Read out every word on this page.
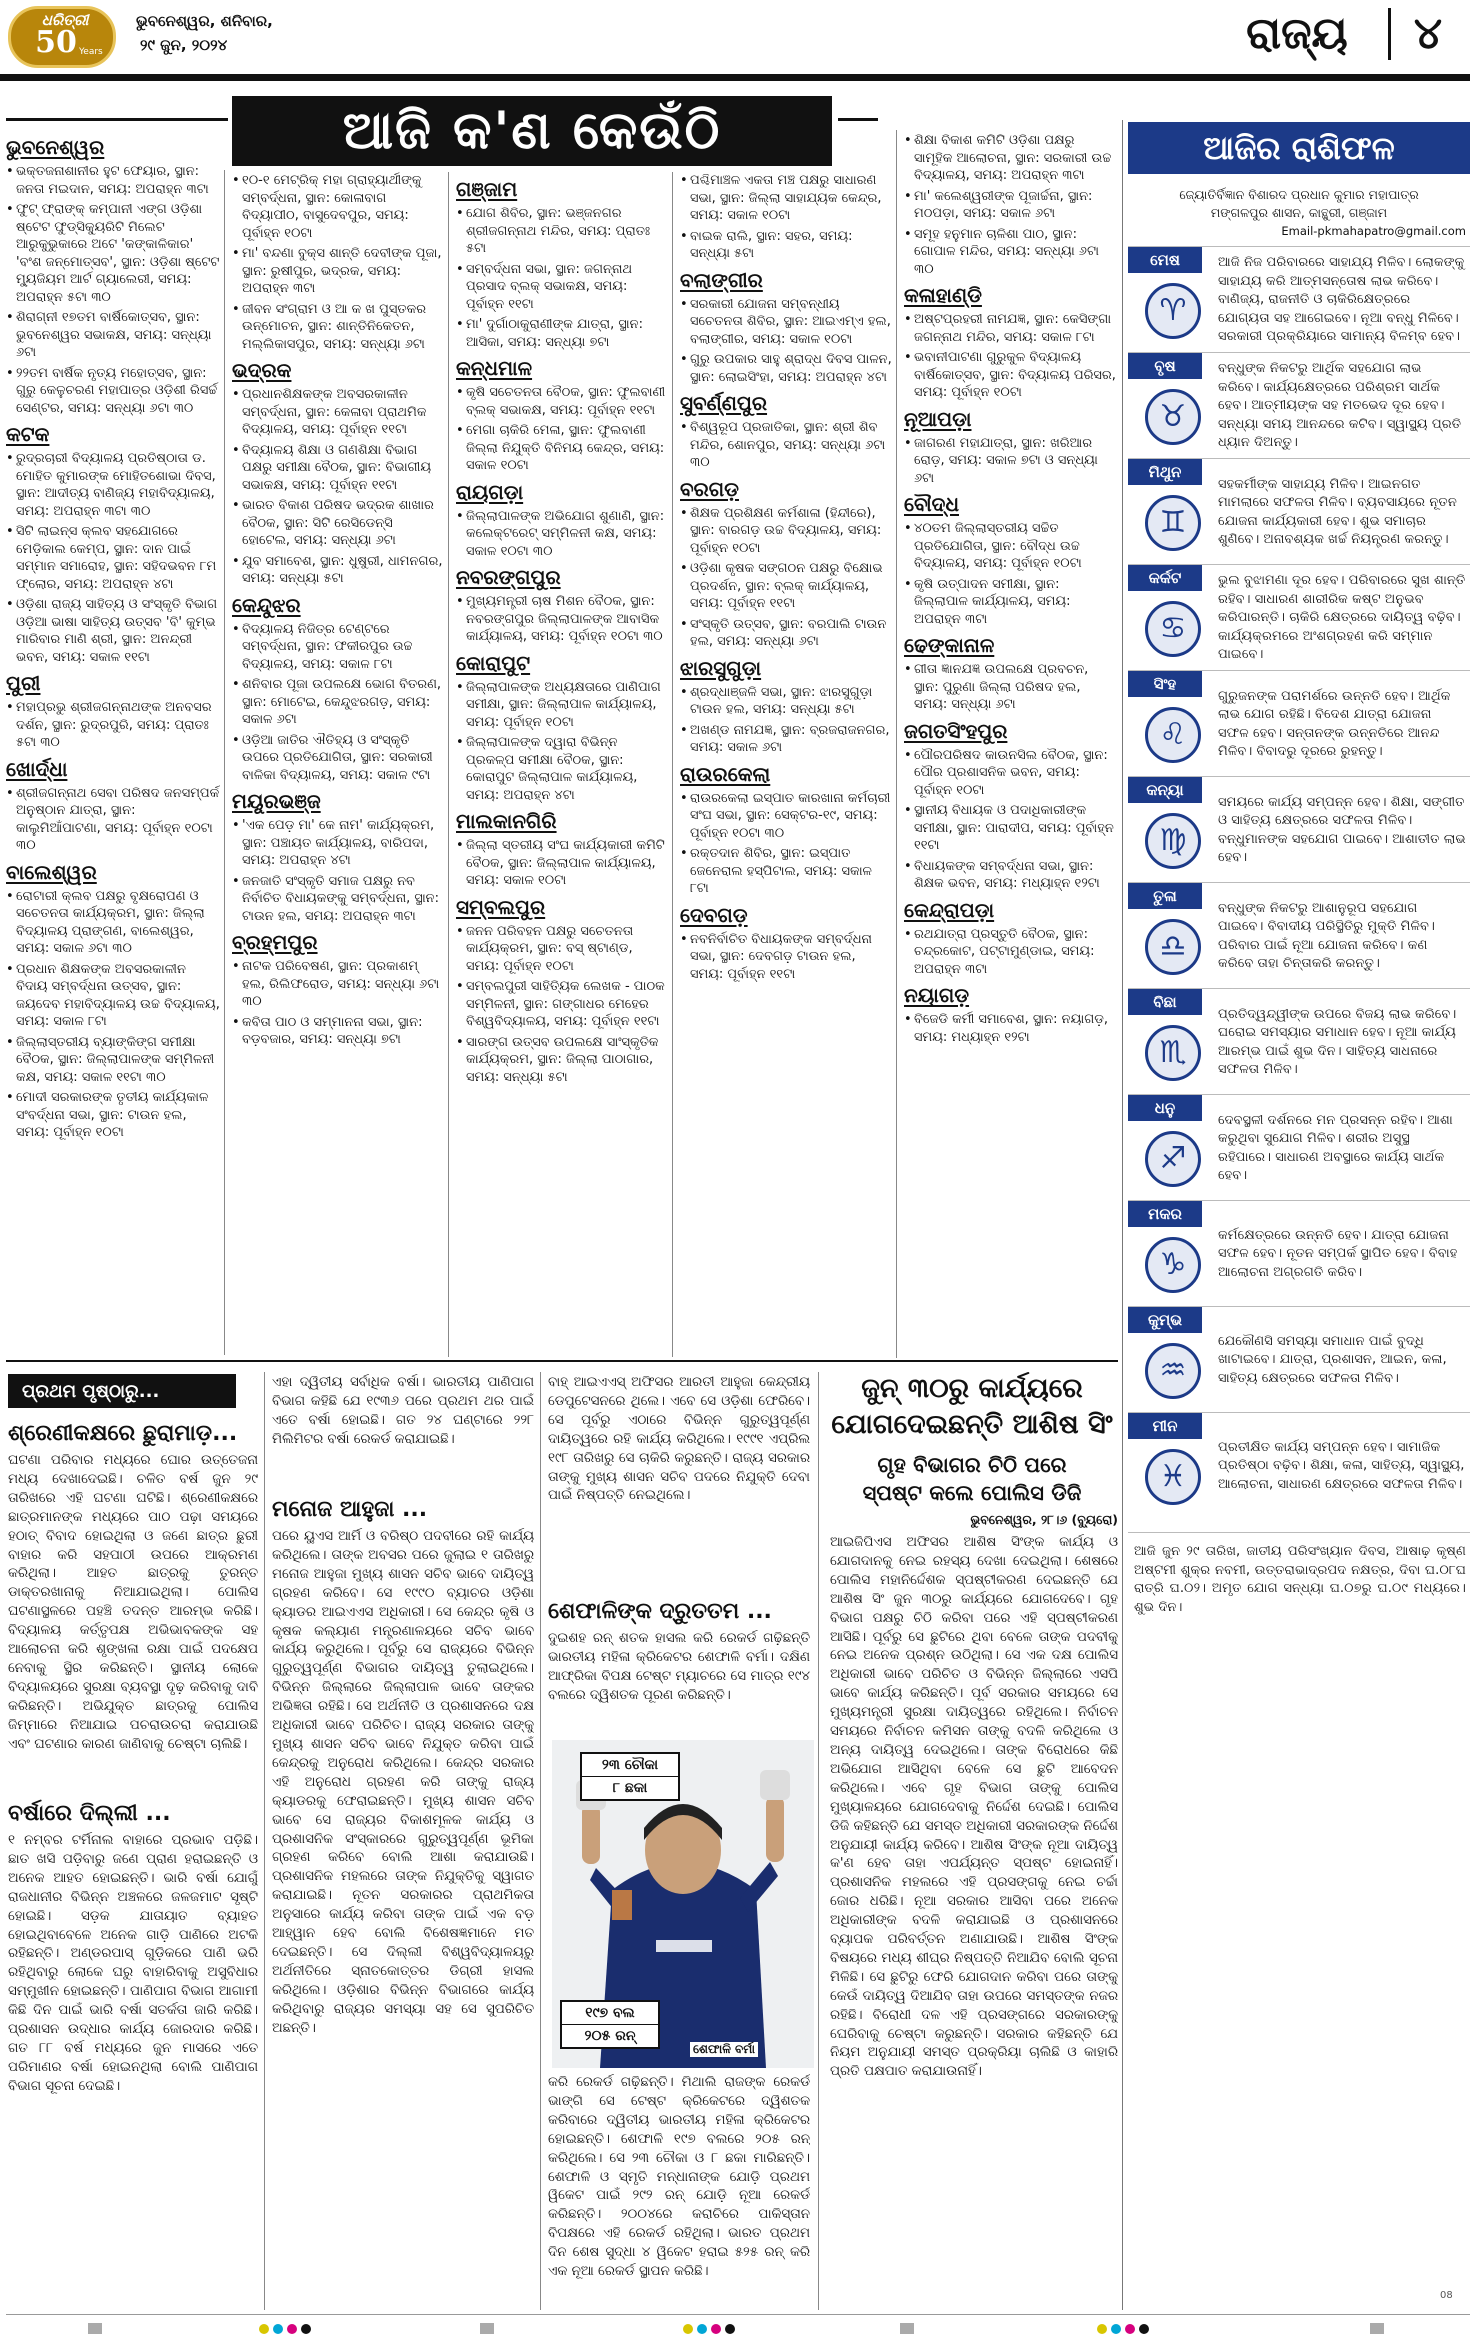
ଧରିତ୍ରୀ
50 Years
ଭୁବନେଶ୍ୱର, ଶନିବାର,
୨୯ ଜୁନ, ୨୦୨୪	ରାଜ୍ୟ	୪
ଆଜି କ'ଣ କେଉଁଠି
ଭୁବନେଶ୍ୱର

• ଭକ୍ତଜନାଶାନୀର ହୁଟ ଫେୟାର, ସ୍ଥାନ: ଜନତା ମଇଦାନ, ସମୟ: ଅପରାହ୍ନ ୩ଟା

• ଫୁଟ୍ ଫ୍ରାଙ୍କ୍ କମ୍ପାନୀ ଏଙ୍ଗ ଓଡ଼ିଶା ଷ୍ଟେଟ ଫୁଡ୍‌ସିକ୍ୟୁରିଟି ମିଲେଟ ଆରୁକୁଭୁକାରେ ଅଟେ 'କଙ୍କାଳିକାର' 'ବଂଶ ଜନ୍ମୋତ୍ସବ', ସ୍ଥାନ: ଓଡ଼ିଶା ଷ୍ଟେଟ ମ୍ୟୁଜିୟମ ଆର୍ଟ ଗ୍ୟାଲେରୀ, ସମୟ: ଅପରାହ୍ନ ୫ଟା ୩୦

• ଶିରାଗ୍ନୀ ୧୭ତମ ବାର୍ଷିକୋତ୍ସବ, ସ୍ଥାନ: ଭୁବନେଶ୍ୱର ସଭାକକ୍ଷ, ସମୟ: ସନ୍ଧ୍ୟା ୬ଟା

• ୨୨ତମ ବାର୍ଷିକ ନୃତ୍ୟ ମହୋତ୍ସବ, ସ୍ଥାନ: ଗୁରୁ କେଳୁଚରଣ ମହାପାତ୍ର ଓଡ଼ିଶୀ ରିସର୍ଚ୍ଚ ସେଣ୍ଟର, ସମୟ: ସନ୍ଧ୍ୟା ୬ଟା ୩୦

କଟକ

• ରୁଦ୍ରଚାରୀ ବିଦ୍ୟାଳୟ ପ୍ରତିଷ୍ଠାତା ଡ. ମୋହିତ କୁମାରଙ୍କ ମୋହିତଶୋଭା ଦିବସ, ସ୍ଥାନ: ଆଦୀତ୍ୟ ବାଣିଜ୍ୟ ମହାବିଦ୍ୟାଳୟ, ସମୟ: ଅପରାହ୍ନ ୩ଟା ୩୦

• ସିଟି ଲାଇନ୍ସ କ୍ଲବ ସହଯୋଗରେ ମେଡ଼ିକାଲ କେମ୍ପ, ସ୍ଥାନ: ଦାନ ପାଇଁ ସମ୍ମାନ ସମାରୋହ, ସ୍ଥାନ: ସହିଦଭବନ ୮ମ ଫ୍ଲୋର, ସମୟ: ଅପରାହ୍ନ ୪ଟା

• ଓଡ଼ିଶା ରାଜ୍ୟ ସାହିତ୍ୟ ଓ ସଂସ୍କୃତି ବିଭାଗ ଓଡ଼ିଆ ଭାଷା ସାହିତ୍ୟ ଉତ୍ସବ 'ବି' କୁମ୍ଭ ମାରିବାର ମାଣି ଶ୍ରୀ, ସ୍ଥାନ: ଅନନ୍ଦ୍ରୀ ଭବନ, ସମୟ: ସକାଳ ୧୧ଟା

ପୁରୀ

• ମହାପ୍ରଭୁ ଶ୍ରୀଜଗନ୍ନାଥଙ୍କ ଅନବସର ଦର୍ଶନ, ସ୍ଥାନ: ରୁଦ୍ରପୁରି, ସମୟ: ପ୍ରାତଃ ୫ଟା ୩୦

ଖୋର୍ଦ୍ଧା

• ଶ୍ରୀଜଗନ୍ନାଥ ସେବା ପରିଷଦ ଜନସମ୍ପର୍କ ଅନୁଷ୍ଠାନ ଯାତ୍ରା, ସ୍ଥାନ: କାଲୁମିଆଁପାଟଣା, ସମୟ: ପୂର୍ବାହ୍ନ ୧୦ଟା ୩୦

ବାଲେଶ୍ୱର

• ରୋଟାରୀ କ୍ଲବ ପକ୍ଷରୁ ବୃକ୍ଷରୋପଣ ଓ ସଚେତନତା କାର୍ଯ୍ୟକ୍ରମ, ସ୍ଥାନ: ଜିଲ୍ଲା ବିଦ୍ୟାଳୟ ପ୍ରାଙ୍ଗଣ, ବାଲେଶ୍ୱର, ସମୟ: ସକାଳ ୬ଟା ୩୦

• ପ୍ରଧାନ ଶିକ୍ଷକଙ୍କ ଅବସରକାଳୀନ ବିଦାୟ ସମ୍ବର୍ଦ୍ଧନା ଉତ୍ସବ, ସ୍ଥାନ: ଜୟଦେବ ମହାବିଦ୍ୟାଳୟ ଉଚ୍ଚ ବିଦ୍ୟାଳୟ, ସମୟ: ସକାଳ ୮ଟା

• ଜିଲ୍ଲାସ୍ତରୀୟ ବ୍ୟାଙ୍କିଙ୍ଗ ସମୀକ୍ଷା ବୈଠକ, ସ୍ଥାନ: ଜିଲ୍ଲାପାଳଙ୍କ ସମ୍ମିଳନୀ କକ୍ଷ, ସମୟ: ସକାଳ ୧୧ଟା ୩୦

• ମୋଦୀ ସରକାରଙ୍କ ତୃତୀୟ କାର୍ଯ୍ୟକାଳ ସଂବର୍ଦ୍ଧନା ସଭା, ସ୍ଥାନ: ଟାଉନ ହଲ, ସମୟ: ପୂର୍ବାହ୍ନ ୧୦ଟା

• ୧୦-୧ ମେଟ୍ରିକ୍ ମହା ଗ୍ରାହ୍ୟାର୍ଥୀଙ୍କୁ ସମ୍ବର୍ଦ୍ଧନା, ସ୍ଥାନ: କୋଳାବାଗ ବିଦ୍ୟାପୀଠ, ବାସୁଦେବପୁର, ସମୟ: ପୂର୍ବାହ୍ନ ୧୦ଟା

• ମା' ବନ୍ଦଣା ବୁକ୍ସ ଶାନ୍ତି ଦେବୀଙ୍କ ପୂଜା, ସ୍ଥାନ: ରୁଷୀପୁର, ଭଦ୍ରକ, ସମୟ: ଅପରାହ୍ନ ୩ଟା

• ଜୀବନ ସଂଗ୍ରାମ ଓ ଆ କ ଖ ପୁସ୍ତକର ଉନ୍ମୋଚନ, ସ୍ଥାନ: ଶାନ୍ତିନିକେତନ, ମଲ୍ଲିକାସପୁର, ସମୟ: ସନ୍ଧ୍ୟା ୬ଟା

ଭଦ୍ରକ

• ପ୍ରଧାନଶିକ୍ଷକଙ୍କ ଅବସରକାଳୀନ ସମ୍ବର୍ଦ୍ଧନା, ସ୍ଥାନ: କେଳାବା ପ୍ରାଥମିକ ବିଦ୍ୟାଳୟ, ସମୟ: ପୂର୍ବାହ୍ନ ୧୧ଟା

• ବିଦ୍ୟାଳୟ ଶିକ୍ଷା ଓ ଗଣଶିକ୍ଷା ବିଭାଗ ପକ୍ଷରୁ ସମୀକ୍ଷା ବୈଠକ, ସ୍ଥାନ: ବିଭାଗୀୟ ସଭାକକ୍ଷ, ସମୟ: ପୂର୍ବାହ୍ନ ୧୧ଟା

• ଭାରତ ବିକାଶ ପରିଷଦ ଭଦ୍ରକ ଶାଖାର ବୈଠକ, ସ୍ଥାନ: ସିଟି ରେସିଡେନ୍ସି ହୋଟେଲ, ସମୟ: ସନ୍ଧ୍ୟା ୬ଟା

• ଯୁବ ସମାବେଶ, ସ୍ଥାନ: ଧୁଷୁରୀ, ଧାମନଗର, ସମୟ: ସନ୍ଧ୍ୟା ୫ଟା

କେନ୍ଦୁଝର

• ବିଦ୍ୟାଳୟ ନିଜିତ୍ର ଟେଣ୍ଟରେ ସମ୍ବର୍ଦ୍ଧନା, ସ୍ଥାନ: ଫକୀରପୁର ଉଚ୍ଚ ବିଦ୍ୟାଳୟ, ସମୟ: ସକାଳ ୮ଟା

• ଶନିବାର ପୂଜା ଉପଲକ୍ଷେ ଭୋଗ ବିତରଣ, ସ୍ଥାନ: ମୋଟେଇ, କେନ୍ଦୁଝରଗଡ଼, ସମୟ: ସକାଳ ୬ଟା

• ଓଡ଼ିଆ ଜାତିର ଐତିହ୍ୟ ଓ ସଂସ୍କୃତି ଉପରେ ପ୍ରତିଯୋଗିତା, ସ୍ଥାନ: ସରକାରୀ ବାଳିକା ବିଦ୍ୟାଳୟ, ସମୟ: ସକାଳ ୯ଟା

ମୟୂରଭଞ୍ଜ

• 'ଏକ ପେଡ଼ ମା' କେ ନାମ' କାର୍ଯ୍ୟକ୍ରମ, ସ୍ଥାନ: ପଞ୍ଚାୟତ କାର୍ଯ୍ୟାଳୟ, ବାରିପଦା, ସମୟ: ଅପରାହ୍ନ ୪ଟା

• ଜନଜାତି ସଂସ୍କୃତି ସମାଜ ପକ୍ଷରୁ ନବ ନିର୍ବାଚିତ ବିଧାୟକଙ୍କୁ ସମ୍ବର୍ଦ୍ଧନା, ସ୍ଥାନ: ଟାଉନ ହଲ, ସମୟ: ଅପରାହ୍ନ ୩ଟା

ବ୍ରହ୍ମପୁର

• ନାଟକ ପରିବେଷଣ, ସ୍ଥାନ: ପ୍ରକାଶମ୍ ହଲ, ରିଲିଫରୋଡ, ସମୟ: ସନ୍ଧ୍ୟା ୬ଟା ୩୦

• କବିତା ପାଠ ଓ ସମ୍ମାନନା ସଭା, ସ୍ଥାନ: ବଡ଼ବଜାର, ସମୟ: ସନ୍ଧ୍ୟା ୭ଟା

ଗଞ୍ଜାମ

• ଯୋଗ ଶିବିର, ସ୍ଥାନ: ଭଞ୍ଜନଗର ଶ୍ରୀଜଗନ୍ନାଥ ମନ୍ଦିର, ସମୟ: ପ୍ରାତଃ ୫ଟା

• ସମ୍ବର୍ଦ୍ଧନା ସଭା, ସ୍ଥାନ: ଜଗନ୍ନାଥ ପ୍ରସାଦ ବ୍ଲକ୍ ସଭାକକ୍ଷ, ସମୟ: ପୂର୍ବାହ୍ନ ୧୧ଟା

• ମା' ଦୁର୍ଗାଠାକୁରାଣୀଙ୍କ ଯାତ୍ରା, ସ୍ଥାନ: ଆସିକା, ସମୟ: ସନ୍ଧ୍ୟା ୭ଟା

କନ୍ଧମାଳ

• କୃଷି ସଚେତନତା ବୈଠକ, ସ୍ଥାନ: ଫୁଲବାଣୀ ବ୍ଲକ୍ ସଭାକକ୍ଷ, ସମୟ: ପୂର୍ବାହ୍ନ ୧୧ଟା

• ମେଗା ଚାକିରି ମେଳା, ସ୍ଥାନ: ଫୁଲବାଣୀ ଜିଲ୍ଲା ନିଯୁକ୍ତି ବିନିମୟ କେନ୍ଦ୍ର, ସମୟ: ସକାଳ ୧୦ଟା

ରାୟଗଡ଼ା

• ଜିଲ୍ଲାପାଳଙ୍କ ଅଭିଯୋଗ ଶୁଣାଣି, ସ୍ଥାନ: କଲେକ୍ଟରେଟ୍ ସମ୍ମିଳନୀ କକ୍ଷ, ସମୟ: ସକାଳ ୧୦ଟା ୩୦

ନବରଙ୍ଗପୁର

• ମୁଖ୍ୟମନ୍ତ୍ରୀ ଚାଷ ମିଶନ ବୈଠକ, ସ୍ଥାନ: ନବରଙ୍ଗପୁର ଜିଲ୍ଲାପାଳଙ୍କ ଆବାସିକ କାର୍ଯ୍ୟାଳୟ, ସମୟ: ପୂର୍ବାହ୍ନ ୧୦ଟା ୩୦

କୋରାପୁଟ

• ଜିଲ୍ଲାପାଳଙ୍କ ଅଧ୍ୟକ୍ଷତାରେ ପାଣିପାଗ ସମୀକ୍ଷା, ସ୍ଥାନ: ଜିଲ୍ଲାପାଳ କାର୍ଯ୍ୟାଳୟ, ସମୟ: ପୂର୍ବାହ୍ନ ୧୦ଟା

• ଜିଲ୍ଲାପାଳଙ୍କ ଦ୍ୱାରା ବିଭିନ୍ନ ପ୍ରକଳ୍ପ ସମୀକ୍ଷା ବୈଠକ, ସ୍ଥାନ: କୋରାପୁଟ ଜିଲ୍ଲାପାଳ କାର୍ଯ୍ୟାଳୟ, ସମୟ: ଅପରାହ୍ନ ୪ଟା

ମାଲକାନଗିରି

• ଜିଲ୍ଲା ସ୍ତରୀୟ ସଂଘ କାର୍ଯ୍ୟକାରୀ କମିଟି ବୈଠକ, ସ୍ଥାନ: ଜିଲ୍ଲାପାଳ କାର୍ଯ୍ୟାଳୟ, ସମୟ: ସକାଳ ୧୦ଟା

ସମ୍ବଲପୁର

• ଜନନ ପରିବହନ ପକ୍ଷରୁ ସଚେତନତା କାର୍ଯ୍ୟକ୍ରମ, ସ୍ଥାନ: ବସ୍ ଷ୍ଟାଣ୍ଡ, ସମୟ: ପୂର୍ବାହ୍ନ ୧୦ଟା

• ସମ୍ବଲପୁରୀ ସାହିତ୍ୟିକ ଲେଖକ - ପାଠକ ସମ୍ମିଳନୀ, ସ୍ଥାନ: ଗଙ୍ଗାଧର ମେହେର ବିଶ୍ୱବିଦ୍ୟାଳୟ, ସମୟ: ପୂର୍ବାହ୍ନ ୧୧ଟା

• ସାରଙ୍ଗ ଉତ୍ସବ ଉପଲକ୍ଷେ ସାଂସ୍କୃତିକ କାର୍ଯ୍ୟକ୍ରମ, ସ୍ଥାନ: ଜିଲ୍ଲା ପାଠାଗାର, ସମୟ: ସନ୍ଧ୍ୟା ୫ଟା

• ପଶ୍ଚିମାଞ୍ଚଳ ଏକତା ମଞ୍ଚ ପକ୍ଷରୁ ସାଧାରଣ ସଭା, ସ୍ଥାନ: ଜିଲ୍ଲା ସାହାଯ୍ୟକ କେନ୍ଦ୍ର, ସମୟ: ସକାଳ ୧୦ଟା

• ବାଇକ ରାଲି, ସ୍ଥାନ: ସହର, ସମୟ: ସନ୍ଧ୍ୟା ୫ଟା

ବଲାଙ୍ଗୀର

• ସରକାରୀ ଯୋଜନା ସମ୍ବନ୍ଧୀୟ ସଚେତନତା ଶିବିର, ସ୍ଥାନ: ଆଇଏମ୍‌ଏ ହଲ, ବଲାଙ୍ଗୀର, ସମୟ: ସକାଳ ୧୦ଟା

• ଗୁରୁ ଉପକାର ସାହୁ ଶ୍ରାଦ୍ଧ ଦିବସ ପାଳନ, ସ୍ଥାନ: ଲୋଇସିଂହା, ସମୟ: ଅପରାହ୍ନ ୪ଟା

ସୁବର୍ଣ୍ଣପୁର

• ବିଶ୍ୱରୂପ ପ୍ରଜାତିକା, ସ୍ଥାନ: ଶ୍ରୀ ଶିବ ମନ୍ଦିର, ଶୋନପୁର, ସମୟ: ସନ୍ଧ୍ୟା ୬ଟା ୩୦

ବରଗଡ଼

• ଶିକ୍ଷକ ପ୍ରଶିକ୍ଷଣ କର୍ମଶାଳା (ହିନ୍ଦୀରେ), ସ୍ଥାନ: ବାରଗଡ଼ ଉଚ୍ଚ ବିଦ୍ୟାଳୟ, ସମୟ: ପୂର୍ବାହ୍ନ ୧୦ଟା

• ଓଡ଼ିଶା କୃଷକ ସଙ୍ଗଠନ ପକ୍ଷରୁ ବିକ୍ଷୋଭ ପ୍ରଦର୍ଶନ, ସ୍ଥାନ: ବ୍ଲକ୍ କାର୍ଯ୍ୟାଳୟ, ସମୟ: ପୂର୍ବାହ୍ନ ୧୧ଟା

• ସଂସ୍କୃତି ଉତ୍ସବ, ସ୍ଥାନ: ବରପାଲି ଟାଉନ ହଲ, ସମୟ: ସନ୍ଧ୍ୟା ୬ଟା

ଝାରସୁଗୁଡ଼ା

• ଶ୍ରଦ୍ଧାଞ୍ଜଳି ସଭା, ସ୍ଥାନ: ଝାରସୁଗୁଡ଼ା ଟାଉନ ହଲ, ସମୟ: ସନ୍ଧ୍ୟା ୫ଟା

• ଅଖଣ୍ଡ ନାମଯଜ୍ଞ, ସ୍ଥାନ: ବ୍ରଜରାଜନଗର, ସମୟ: ସକାଳ ୬ଟା

ରାଉରକେଲା

• ରାଉରକେଲା ଇସ୍ପାତ କାରଖାନା କର୍ମଚାରୀ ସଂଘ ସଭା, ସ୍ଥାନ: ସେକ୍ଟର-୧୯, ସମୟ: ପୂର୍ବାହ୍ନ ୧୦ଟା ୩୦

• ରକ୍ତଦାନ ଶିବିର, ସ୍ଥାନ: ଇସ୍ପାତ ଜେନେରାଲ ହସ୍ପିଟାଲ, ସମୟ: ସକାଳ ୮ଟା

ଦେବଗଡ଼

• ନବନିର୍ବାଚିତ ବିଧାୟକଙ୍କ ସମ୍ବର୍ଦ୍ଧନା ସଭା, ସ୍ଥାନ: ଦେବଗଡ଼ ଟାଉନ ହଲ, ସମୟ: ପୂର୍ବାହ୍ନ ୧୧ଟା

• ଶିକ୍ଷା ବିକାଶ କମିଟି ଓଡ଼ିଶା ପକ୍ଷରୁ ସାମୂହିକ ଆଲୋଚନା, ସ୍ଥାନ: ସରକାରୀ ଉଚ୍ଚ ବିଦ୍ୟାଳୟ, ସମୟ: ଅପରାହ୍ନ ୩ଟା

• ମା' କଲେଶ୍ୱରୀଙ୍କ ପୂଜାର୍ଚ୍ଚନା, ସ୍ଥାନ: ମଠପଡ଼ା, ସମୟ: ସକାଳ ୬ଟା

• ସମୂହ ହନୁମାନ ଚାଳିଶା ପାଠ, ସ୍ଥାନ: ଗୋପାଳ ମନ୍ଦିର, ସମୟ: ସନ୍ଧ୍ୟା ୬ଟା ୩୦

କଳାହାଣ୍ଡି

• ଅଷ୍ଟପ୍ରହରୀ ନାମଯଜ୍ଞ, ସ୍ଥାନ: କେସିଙ୍ଗା ଜଗନ୍ନାଥ ମନ୍ଦିର, ସମୟ: ସକାଳ ୮ଟା

• ଭବାନୀପାଟଣା ଗୁରୁକୁଳ ବିଦ୍ୟାଳୟ ବାର୍ଷିକୋତ୍ସବ, ସ୍ଥାନ: ବିଦ୍ୟାଳୟ ପରିସର, ସମୟ: ପୂର୍ବାହ୍ନ ୧୦ଟା

ନୂଆପଡ଼ା

• ଜାଗରଣ ମହାଯାତ୍ରା, ସ୍ଥାନ: ଖରିଆର ରୋଡ଼, ସମୟ: ସକାଳ ୭ଟା ଓ ସନ୍ଧ୍ୟା ୬ଟା

ବୌଦ୍ଧ

• ୪୦ତମ ଜିଲ୍ଲାସ୍ତରୀୟ ସଚ୍ଚିତ ପ୍ରତିଯୋଗିତା, ସ୍ଥାନ: ବୌଦ୍ଧ ଉଚ୍ଚ ବିଦ୍ୟାଳୟ, ସମୟ: ପୂର୍ବାହ୍ନ ୧୦ଟା

• କୃଷି ଉତ୍ପାଦନ ସମୀକ୍ଷା, ସ୍ଥାନ: ଜିଲ୍ଲାପାଳ କାର୍ଯ୍ୟାଳୟ, ସମୟ: ଅପରାହ୍ନ ୩ଟା

ଢେଙ୍କାନାଳ

• ଗୀତା ଜ୍ଞାନଯଜ୍ଞ ଉପଲକ୍ଷେ ପ୍ରବଚନ, ସ୍ଥାନ: ପୁରୁଣା ଜିଲ୍ଲା ପରିଷଦ ହଲ, ସମୟ: ସନ୍ଧ୍ୟା ୬ଟା

ଜଗତସିଂହପୁର

• ପୌରପରିଷଦ କାଉନସିଲ ବୈଠକ, ସ୍ଥାନ: ପୌର ପ୍ରଶାସନିକ ଭବନ, ସମୟ: ପୂର୍ବାହ୍ନ ୧୦ଟା

• ସ୍ଥାନୀୟ ବିଧାୟକ ଓ ପଦାଧିକାରୀଙ୍କ ସମୀକ୍ଷା, ସ୍ଥାନ: ପାରାଦୀପ, ସମୟ: ପୂର୍ବାହ୍ନ ୧୧ଟା

• ବିଧାୟକଙ୍କ ସମ୍ବର୍ଦ୍ଧନା ସଭା, ସ୍ଥାନ: ଶିକ୍ଷକ ଭବନ, ସମୟ: ମଧ୍ୟାହ୍ନ ୧୨ଟା

କେନ୍ଦ୍ରାପଡ଼ା

• ରଥଯାତ୍ରା ପ୍ରସ୍ତୁତି ବୈଠକ, ସ୍ଥାନ: ଚନ୍ଦ୍ରକୋଟ, ପଟ୍ଟାମୁଣ୍ଡାଇ, ସମୟ: ଅପରାହ୍ନ ୩ଟା

ନୟାଗଡ଼

• ବିଜେଡି କର୍ମୀ ସମାବେଶ, ସ୍ଥାନ: ନୟାଗଡ଼, ସମୟ: ମଧ୍ୟାହ୍ନ ୧୨ଟା

ଆଜିର ରାଶିଫଳ
ଜ୍ୟୋତିର୍ବିଜ୍ଞାନ ବିଶାରଦ ପ୍ରଧାନ କୁମାର ମହାପାତ୍ର
ମଙ୍ଗଳପୁର ଶାସନ, କାନ୍ଥୁରୀ, ଗଞ୍ଜାମ
Email-pkmahapatro@gmail.com
ମେଷ
♈
ଆଜି ନିଜ ପରିବାରରେ ସାହାଯ୍ୟ ମିଳିବ। ଲୋକଙ୍କୁ ସାହାଯ୍ୟ କରି ଆତ୍ମସନ୍ତୋଷ ଲାଭ କରିବେ। ବାଣିଜ୍ୟ, ରାଜନୀତି ଓ ଚାକିରିକ୍ଷେତ୍ରରେ ଯୋଗ୍ୟତା ସହ ଆଗେଇବେ। ନୂଆ ବନ୍ଧୁ ମିଳିବେ। ସରକାରୀ ପ୍ରକ୍ରିୟାରେ ସାମାନ୍ୟ ବିଳମ୍ବ ହେବ।
ବୃଷ
♉
ବନ୍ଧୁଙ୍କ ନିକଟରୁ ଆର୍ଥିକ ସହଯୋଗ ଲାଭ କରିବେ। କାର୍ଯ୍ୟକ୍ଷେତ୍ରରେ ପରିଶ୍ରମ ସାର୍ଥକ ହେବ। ଆତ୍ମୀୟଙ୍କ ସହ ମତଭେଦ ଦୂର ହେବ। ସନ୍ଧ୍ୟା ସମୟ ଆନନ୍ଦରେ କଟିବ। ସ୍ୱାସ୍ଥ୍ୟ ପ୍ରତି ଧ୍ୟାନ ଦିଅନ୍ତୁ।
ମିଥୁନ
♊
ସହକର୍ମୀଙ୍କ ସାହାଯ୍ୟ ମିଳିବ। ଆଇନଗତ ମାମଲାରେ ସଫଳତା ମିଳିବ। ବ୍ୟବସାୟରେ ନୂତନ ଯୋଜନା କାର୍ଯ୍ୟକାରୀ ହେବ। ଶୁଭ ସମାଚାର ଶୁଣିବେ। ଅନାବଶ୍ୟକ ଖର୍ଚ୍ଚ ନିୟନ୍ତ୍ରଣ କରନ୍ତୁ।
କର୍କଟ
♋
ଭୁଲ ବୁଝାମଣା ଦୂର ହେବ। ପରିବାରରେ ସୁଖ ଶାନ୍ତି ରହିବ। ସାଧାରଣ ଶାରୀରିକ କଷ୍ଟ ଅନୁଭବ କରିପାରନ୍ତି। ଚାକିରି କ୍ଷେତ୍ରରେ ଦାୟିତ୍ୱ ବଢ଼ିବ। କାର୍ଯ୍ୟକ୍ରମରେ ଅଂଶଗ୍ରହଣ କରି ସମ୍ମାନ ପାଇବେ।
ସିଂହ
♌
ଗୁରୁଜନଙ୍କ ପରାମର୍ଶରେ ଉନ୍ନତି ହେବ। ଆର୍ଥିକ ଲାଭ ଯୋଗ ରହିଛି। ବିଦେଶ ଯାତ୍ରା ଯୋଜନା ସଫଳ ହେବ। ସନ୍ତାନଙ୍କ ଉନ୍ନତିରେ ଆନନ୍ଦ ମିଳିବ। ବିବାଦରୁ ଦୂରରେ ରୁହନ୍ତୁ।
କନ୍ୟା
♍
ସମୟରେ କାର୍ଯ୍ୟ ସମ୍ପନ୍ନ ହେବ। ଶିକ୍ଷା, ସଙ୍ଗୀତ ଓ ସାହିତ୍ୟ କ୍ଷେତ୍ରରେ ସଫଳତା ମିଳିବ। ବନ୍ଧୁମାନଙ୍କ ସହଯୋଗ ପାଇବେ। ଆଶାତୀତ ଲାଭ ହେବ।
ତୁଳା
♎
ବନ୍ଧୁଙ୍କ ନିକଟରୁ ଆଶାନୁରୂପ ସହଯୋଗ ପାଇବେ। ବିବାଦୀୟ ପରିସ୍ଥିତିରୁ ମୁକ୍ତି ମିଳିବ। ପରିବାର ପାଇଁ ନୂଆ ଯୋଜନା କରିବେ। କଣ କରିବେ ତାହା ଚିନ୍ତାକରି କରନ୍ତୁ।
ବିଛା
♏
ପ୍ରତିଦ୍ୱନ୍ଦ୍ୱୀଙ୍କ ଉପରେ ବିଜୟ ଲାଭ କରିବେ। ଘରୋଇ ସମସ୍ୟାର ସମାଧାନ ହେବ। ନୂଆ କାର୍ଯ୍ୟ ଆରମ୍ଭ ପାଇଁ ଶୁଭ ଦିନ। ସାହିତ୍ୟ ସାଧନାରେ ସଫଳତା ମିଳିବ।
ଧନୁ
♐
ଦେବସ୍ଥଳୀ ଦର୍ଶନରେ ମନ ପ୍ରସନ୍ନ ରହିବ। ଆଶା କରୁଥିବା ସୁଯୋଗ ମିଳିବ। ଶରୀର ଅସୁସ୍ଥ ରହିପାରେ। ସାଧାରଣ ଅବସ୍ଥାରେ କାର୍ଯ୍ୟ ସାର୍ଥକ ହେବ।
ମକର
♑
କର୍ମକ୍ଷେତ୍ରରେ ଉନ୍ନତି ହେବ। ଯାତ୍ରା ଯୋଜନା ସଫଳ ହେବ। ନୂତନ ସମ୍ପର୍କ ସ୍ଥାପିତ ହେବ। ବିବାହ ଆଲୋଚନା ଅଗ୍ରଗତି କରିବ।
କୁମ୍ଭ
♒
ଯେକୌଣସି ସମସ୍ୟା ସମାଧାନ ପାଇଁ ବୁଦ୍ଧି ଖାଟାଇବେ। ଯାତ୍ରା, ପ୍ରଶାସନ, ଆଇନ, କଳା, ସାହିତ୍ୟ କ୍ଷେତ୍ରରେ ସଫଳତା ମିଳିବ।
ମୀନ
♓
ପ୍ରତୀକ୍ଷିତ କାର୍ଯ୍ୟ ସମ୍ପନ୍ନ ହେବ। ସାମାଜିକ ପ୍ରତିଷ୍ଠା ବଢ଼ିବ। ଶିକ୍ଷା, କଳା, ସାହିତ୍ୟ, ସ୍ୱାସ୍ଥ୍ୟ, ଆଲୋଚନା, ସାଧାରଣ କ୍ଷେତ୍ରରେ ସଫଳତା ମିଳିବ।
ଆଜି ଜୁନ ୨୯ ତାରିଖ, ଜାତୀୟ ପରିସଂଖ୍ୟାନ ଦିବସ, ଆଷାଢ଼ କୃଷ୍ଣ ଅଷ୍ଟମୀ ଶୁକ୍ର ନବମୀ, ଉତ୍ତରାଭାଦ୍ରପଦ ନକ୍ଷତ୍ର, ଦିବା ଘ.୦୮ଘ ରାତ୍ରି ଘ.୦୨। ଅମୃତ ଯୋଗ ସନ୍ଧ୍ୟା ଘ.୦୭ରୁ ଘ.୦୯ ମଧ୍ୟରେ। ଶୁଭ ଦିନ।
ପ୍ରଥମ ପୃଷ୍ଠାରୁ...
ଶ୍ରେଣୀକକ୍ଷରେ ଛୁରାମାଡ଼...
ଘଟଣା ପରିବାର ମଧ୍ୟରେ ଘୋର ଉତ୍ତେଜନା ମଧ୍ୟ ଦେଖାଦେଇଛି। ଚଳିତ ବର୍ଷ ଜୁନ ୨୯ ତାରିଖରେ ଏହି ଘଟଣା ଘଟିଛି। ଶ୍ରେଣୀକକ୍ଷରେ ଛାତ୍ରମାନଙ୍କ ମଧ୍ୟରେ ପାଠ ପଢ଼ା ସମୟରେ ହଠାତ୍ ବିବାଦ ହୋଇଥିଲା ଓ ଜଣେ ଛାତ୍ର ଛୁରୀ ବାହାର କରି ସହପାଠୀ ଉପରେ ଆକ୍ରମଣ କରିଥିଲା। ଆହତ ଛାତ୍ରକୁ ତୁରନ୍ତ ଡାକ୍ତରଖାନାକୁ ନିଆଯାଇଥିଲା। ପୋଲିସ ଘଟଣାସ୍ଥଳରେ ପହଞ୍ଚି ତଦନ୍ତ ଆରମ୍ଭ କରିଛି। ବିଦ୍ୟାଳୟ କର୍ତ୍ତୃପକ୍ଷ ଅଭିଭାବକଙ୍କ ସହ ଆଲୋଚନା କରି ଶୃଙ୍ଖଳା ରକ୍ଷା ପାଇଁ ପଦକ୍ଷେପ ନେବାକୁ ସ୍ଥିର କରିଛନ୍ତି। ସ୍ଥାନୀୟ ଲୋକେ ବିଦ୍ୟାଳୟରେ ସୁରକ୍ଷା ବ୍ୟବସ୍ଥା ଦୃଢ଼ କରିବାକୁ ଦାବି କରିଛନ୍ତି। ଅଭିଯୁକ୍ତ ଛାତ୍ରକୁ ପୋଲିସ ଜିମ୍ମାରେ ନିଆଯାଇ ପଚରାଉଚରା କରାଯାଉଛି ଏବଂ ଘଟଣାର କାରଣ ଜାଣିବାକୁ ଚେଷ୍ଟା ଚାଲିଛି।
ବର୍ଷାରେ ଦିଲ୍ଲୀ ...
୧ ନମ୍ବର ଟର୍ମିନାଲ ବାହାରେ ପ୍ରଭାବ ପଡ଼ିଛି। ଛାତ ଖସି ପଡ଼ିବାରୁ ଜଣେ ପ୍ରାଣ ହରାଇଛନ୍ତି ଓ ଅନେକ ଆହତ ହୋଇଛନ୍ତି। ଭାରି ବର୍ଷା ଯୋଗୁଁ ରାଜଧାନୀର ବିଭିନ୍ନ ଅଞ୍ଚଳରେ ଜଳଜମାଟ ସୃଷ୍ଟି ହୋଇଛି। ସଡ଼କ ଯାତାୟାତ ବ୍ୟାହତ ହୋଇଥିବାବେଳେ ଅନେକ ଗାଡ଼ି ପାଣିରେ ଅଟକି ରହିଛନ୍ତି। ଅଣ୍ଡରପାସ୍ ଗୁଡ଼ିକରେ ପାଣି ଭରି ରହିଥିବାରୁ ଲୋକେ ଘରୁ ବାହାରିବାକୁ ଅସୁବିଧାର ସମ୍ମୁଖୀନ ହୋଇଛନ୍ତି। ପାଣିପାଗ ବିଭାଗ ଆଗାମୀ କିଛି ଦିନ ପାଇଁ ଭାରି ବର୍ଷା ସତର୍କତା ଜାରି କରିଛି। ପ୍ରଶାସନ ଉଦ୍ଧାର କାର୍ଯ୍ୟ ଜୋରଦାର କରିଛି। ଗତ ୮୮ ବର୍ଷ ମଧ୍ୟରେ ଜୁନ ମାସରେ ଏତେ ପରିମାଣର ବର୍ଷା ହୋଇନଥିଲା ବୋଲି ପାଣିପାଗ ବିଭାଗ ସୂଚନା ଦେଇଛି।
ଏହା ଦ୍ୱିତୀୟ ସର୍ବାଧିକ ବର୍ଷା। ଭାରତୀୟ ପାଣିପାଗ ବିଭାଗ କହିଛି ଯେ ୧୯୩୬ ପରେ ପ୍ରଥମ ଥର ପାଇଁ ଏତେ ବର୍ଷା ହୋଇଛି। ଗତ ୨୪ ଘଣ୍ଟାରେ ୨୨୮ ମିଲିମିଟର ବର୍ଷା ରେକର୍ଡ କରାଯାଇଛି।
ମନୋଜ ଆହୁଜା ...
ପରେ ୟୁଏସ ଆର୍ମି ଓ ବରିଷ୍ଠ ପଦବୀରେ ରହି କାର୍ଯ୍ୟ କରିଥିଲେ। ତାଙ୍କ ଅବସର ପରେ ଜୁଲାଇ ୧ ତାରିଖରୁ ମନୋଜ ଆହୁଜା ମୁଖ୍ୟ ଶାସନ ସଚିବ ଭାବେ ଦାୟିତ୍ୱ ଗ୍ରହଣ କରିବେ। ସେ ୧୯୯୦ ବ୍ୟାଚର ଓଡ଼ିଶା କ୍ୟାଡର ଆଇଏଏସ ଅଧିକାରୀ। ସେ କେନ୍ଦ୍ର କୃଷି ଓ କୃଷକ କଲ୍ୟାଣ ମନ୍ତ୍ରଣାଳୟରେ ସଚିବ ଭାବେ କାର୍ଯ୍ୟ କରୁଥିଲେ। ପୂର୍ବରୁ ସେ ରାଜ୍ୟରେ ବିଭିନ୍ନ ଗୁରୁତ୍ୱପୂର୍ଣ୍ଣ ବିଭାଗର ଦାୟିତ୍ୱ ତୁଲାଇଥିଲେ। ବିଭିନ୍ନ ଜିଲ୍ଲାରେ ଜିଲ୍ଲାପାଳ ଭାବେ ତାଙ୍କର ଅଭିଜ୍ଞତା ରହିଛି। ସେ ଅର୍ଥନୀତି ଓ ପ୍ରଶାସନରେ ଦକ୍ଷ ଅଧିକାରୀ ଭାବେ ପରିଚିତ। ରାଜ୍ୟ ସରକାର ତାଙ୍କୁ ମୁଖ୍ୟ ଶାସନ ସଚିବ ଭାବେ ନିଯୁକ୍ତ କରିବା ପାଇଁ କେନ୍ଦ୍ରକୁ ଅନୁରୋଧ କରିଥିଲେ। କେନ୍ଦ୍ର ସରକାର ଏହି ଅନୁରୋଧ ଗ୍ରହଣ କରି ତାଙ୍କୁ ରାଜ୍ୟ କ୍ୟାଡରକୁ ଫେରାଇଛନ୍ତି। ମୁଖ୍ୟ ଶାସନ ସଚିବ ଭାବେ ସେ ରାଜ୍ୟର ବିକାଶମୂଳକ କାର୍ଯ୍ୟ ଓ ପ୍ରଶାସନିକ ସଂସ୍କାରରେ ଗୁରୁତ୍ୱପୂର୍ଣ୍ଣ ଭୂମିକା ଗ୍ରହଣ କରିବେ ବୋଲି ଆଶା କରାଯାଉଛି। ପ୍ରଶାସନିକ ମହଲରେ ତାଙ୍କ ନିଯୁକ୍ତିକୁ ସ୍ୱାଗତ କରାଯାଇଛି। ନୂତନ ସରକାରର ପ୍ରାଥମିକତା ଅନୁସାରେ କାର୍ଯ୍ୟ କରିବା ତାଙ୍କ ପାଇଁ ଏକ ବଡ଼ ଆହ୍ୱାନ ହେବ ବୋଲି ବିଶେଷଜ୍ଞମାନେ ମତ ଦେଇଛନ୍ତି। ସେ ଦିଲ୍ଲୀ ବିଶ୍ୱବିଦ୍ୟାଳୟରୁ ଅର୍ଥନୀତିରେ ସ୍ନାତକୋତ୍ତର ଡିଗ୍ରୀ ହାସଲ କରିଥିଲେ। ଓଡ଼ିଶାର ବିଭିନ୍ନ ବିଭାଗରେ କାର୍ଯ୍ୟ କରିଥିବାରୁ ରାଜ୍ୟର ସମସ୍ୟା ସହ ସେ ସୁପରିଚିତ ଅଛନ୍ତି।
ବାହ୍ ଆଇଏଏସ୍ ଅଫିସର ଆରତୀ ଆହୁଜା କେନ୍ଦ୍ରୀୟ ଡେପୁଟେସନରେ ଥିଲେ। ଏବେ ସେ ଓଡ଼ିଶା ଫେରିବେ। ସେ ପୂର୍ବରୁ ଏଠାରେ ବିଭିନ୍ନ ଗୁରୁତ୍ୱପୂର୍ଣ୍ଣ ଦାୟିତ୍ୱରେ ରହି କାର୍ଯ୍ୟ କରିଥିଲେ। ୧୯୯୧ ଏପ୍ରିଲ ୧୯୮ ତାରିଖରୁ ସେ ଚାକିରି କରୁଛନ୍ତି। ରାଜ୍ୟ ସରକାର ତାଙ୍କୁ ମୁଖ୍ୟ ଶାସନ ସଚିବ ପଦରେ ନିଯୁକ୍ତି ଦେବା ପାଇଁ ନିଷ୍ପତ୍ତି ନେଇଥିଲେ।
ଶେଫାଳିଙ୍କ ଦ୍ରୁତତମ ...
ଦୁଇଶହ ରନ୍ ଶତକ ହାସଲ କରି ରେକର୍ଡ ଗଢ଼ିଛନ୍ତି ଭାରତୀୟ ମହିଳା କ୍ରିକେଟର ଶେଫାଳି ବର୍ମା। ଦକ୍ଷିଣ ଆଫ୍ରିକା ବିପକ୍ଷ ଟେଷ୍ଟ ମ୍ୟାଚରେ ସେ ମାତ୍ର ୧୯୪ ବଲରେ ଦ୍ୱିଶତକ ପୂରଣ କରିଛନ୍ତି।
୨୩ ଚୌକା
୮ ଛକା
୧୯୭ ବଲ
୨୦୫ ରନ୍
ଶେଫାଳି ବର୍ମା
କରି ରେକର୍ଡ ଗଢ଼ିଛନ୍ତି। ମିଥାଲି ରାଜଙ୍କ ରେକର୍ଡ ଭାଙ୍ଗି ସେ ଟେଷ୍ଟ କ୍ରିକେଟରେ ଦ୍ୱିଶତକ କରିବାରେ ଦ୍ୱିତୀୟ ଭାରତୀୟ ମହିଳା କ୍ରିକେଟର ହୋଇଛନ୍ତି। ଶେଫାଳି ୧୯୭ ବଲରେ ୨୦୫ ରନ୍ କରିଥିଲେ। ସେ ୨୩ ଚୌକା ଓ ୮ ଛକା ମାରିଛନ୍ତି। ଶେଫାଳି ଓ ସ୍ମୃତି ମନ୍ଧାନାଙ୍କ ଯୋଡ଼ି ପ୍ରଥମ ୱିକେଟ ପାଇଁ ୨୯୨ ରନ୍ ଯୋଡ଼ି ନୂଆ ରେକର୍ଡ କରିଛନ୍ତି। ୨୦୦୪ରେ କରାଚିରେ ପାକିସ୍ତାନ ବିପକ୍ଷରେ ଏହି ରେକର୍ଡ ରହିଥିଲା। ଭାରତ ପ୍ରଥମ ଦିନ ଶେଷ ସୁଦ୍ଧା ୪ ୱିକେଟ ହରାଇ ୫୨୫ ରନ୍ କରି ଏକ ନୂଆ ରେକର୍ଡ ସ୍ଥାପନ କରିଛି।
ଜୁନ୍ ୩୦ରୁ କାର୍ଯ୍ୟରେ
ଯୋଗଦେଇଛନ୍ତି ଆଶିଷ ସିଂ
ଗୃହ ବିଭାଗର ଚିଠି ପରେ
ସ୍ପଷ୍ଟ କଲେ ପୋଲିସ ଡିଜି
ଭୁବନେଶ୍ୱର, ୨୮।୬ (ବ୍ୟୁରୋ)
ଆଇଜିପିଏସ ଅଫିସର ଆଶିଷ ସିଂଙ୍କ କାର୍ଯ୍ୟ ଓ ଯୋଗଦାନକୁ ନେଇ ରହସ୍ୟ ଦେଖା ଦେଇଥିଲା। ଶେଷରେ ପୋଲିସ ମହାନିର୍ଦ୍ଦେଶକ ସ୍ପଷ୍ଟୀକରଣ ଦେଇଛନ୍ତି ଯେ ଆଶିଷ ସିଂ ଜୁନ ୩୦ରୁ କାର୍ଯ୍ୟରେ ଯୋଗଦେବେ। ଗୃହ ବିଭାଗ ପକ୍ଷରୁ ଚିଠି କରିବା ପରେ ଏହି ସ୍ପଷ୍ଟୀକରଣ ଆସିଛି। ପୂର୍ବରୁ ସେ ଛୁଟିରେ ଥିବା ବେଳେ ତାଙ୍କ ପଦବୀକୁ ନେଇ ଅନେକ ପ୍ରଶ୍ନ ଉଠିଥିଲା। ସେ ଏକ ଦକ୍ଷ ପୋଲିସ ଅଧିକାରୀ ଭାବେ ପରିଚିତ ଓ ବିଭିନ୍ନ ଜିଲ୍ଲାରେ ଏସପି ଭାବେ କାର୍ଯ୍ୟ କରିଛନ୍ତି। ପୂର୍ବ ସରକାର ସମୟରେ ସେ ମୁଖ୍ୟମନ୍ତ୍ରୀ ସୁରକ୍ଷା ଦାୟିତ୍ୱରେ ରହିଥିଲେ। ନିର୍ବାଚନ ସମୟରେ ନିର୍ବାଚନ କମିସନ ତାଙ୍କୁ ବଦଳି କରିଥିଲେ ଓ ଅନ୍ୟ ଦାୟିତ୍ୱ ଦେଇଥିଲେ। ତାଙ୍କ ବିରୋଧରେ କିଛି ଅଭିଯୋଗ ଆସିଥିବା ବେଳେ ସେ ଛୁଟି ଆବେଦନ କରିଥିଲେ। ଏବେ ଗୃହ ବିଭାଗ ତାଙ୍କୁ ପୋଲିସ ମୁଖ୍ୟାଳୟରେ ଯୋଗଦେବାକୁ ନିର୍ଦ୍ଦେଶ ଦେଇଛି। ପୋଲିସ ଡିଜି କହିଛନ୍ତି ଯେ ସମସ୍ତ ଅଧିକାରୀ ସରକାରଙ୍କ ନିର୍ଦ୍ଦେଶ ଅନୁଯାୟୀ କାର୍ଯ୍ୟ କରିବେ। ଆଶିଷ ସିଂଙ୍କ ନୂଆ ଦାୟିତ୍ୱ କ'ଣ ହେବ ତାହା ଏପର୍ଯ୍ୟନ୍ତ ସ୍ପଷ୍ଟ ହୋଇନାହିଁ। ପ୍ରଶାସନିକ ମହଲରେ ଏହି ପ୍ରସଙ୍ଗକୁ ନେଇ ଚର୍ଚ୍ଚା ଜୋର ଧରିଛି। ନୂଆ ସରକାର ଆସିବା ପରେ ଅନେକ ଅଧିକାରୀଙ୍କ ବଦଳି କରାଯାଇଛି ଓ ପ୍ରଶାସନରେ ବ୍ୟାପକ ପରିବର୍ତ୍ତନ ଅଣାଯାଉଛି। ଆଶିଷ ସିଂଙ୍କ ବିଷୟରେ ମଧ୍ୟ ଶୀଘ୍ର ନିଷ୍ପତ୍ତି ନିଆଯିବ ବୋଲି ସୂଚନା ମିଳିଛି। ସେ ଛୁଟିରୁ ଫେରି ଯୋଗଦାନ କରିବା ପରେ ତାଙ୍କୁ କେଉଁ ଦାୟିତ୍ୱ ଦିଆଯିବ ତାହା ଉପରେ ସମସ୍ତଙ୍କ ନଜର ରହିଛି। ବିରୋଧୀ ଦଳ ଏହି ପ୍ରସଙ୍ଗରେ ସରକାରଙ୍କୁ ଘେରିବାକୁ ଚେଷ୍ଟା କରୁଛନ୍ତି। ସରକାର କହିଛନ୍ତି ଯେ ନିୟମ ଅନୁଯାୟୀ ସମସ୍ତ ପ୍ରକ୍ରିୟା ଚାଲିଛି ଓ କାହାରି ପ୍ରତି ପକ୍ଷପାତ କରାଯାଉନାହିଁ।
08
